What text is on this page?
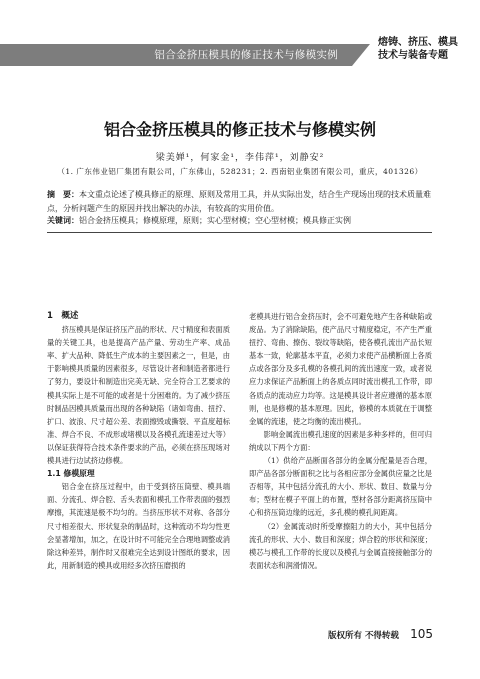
铝合金挤压模具的修正技术与修模实例
熔铸、挤压、模具
技术与装备专题
铝合金挤压模具的修正技术与修模实例
梁美婵¹，何家金¹，李伟萍¹，刘静安²
（1. 广东伟业铝厂集团有限公司，广东佛山，528231；2. 西南铝业集团有限公司，重庆，401326）
摘　要：本文重点论述了模具修正的原理、原则及常用工具，并从实际出发，结合生产现场出现的技术质量难点，分析问题产生的原因并找出解决的办法，有较高的实用价值。
关键词：铝合金挤压模具；修模原理，原则；实心型材模；空心型材模；模具修正实例

1　概述

挤压模具是保证挤压产品的形状、尺寸精度和表面质量的关键工具，也是提高产品产量、劳动生产率、成品率、扩大品种、降低生产成本的主要因素之一，但是，由于影响模具质量的因素很多，尽管设计者和制造者都进行了努力，要设计和制造出完美无缺、完全符合工艺要求的模具实际上是不可能的或者是十分困难的。为了减少挤压时制品因模具质量而出现的各种缺陷（诸如弯曲、扭拧、扩口、波浪、尺寸超公差、表面擦毁或撕裂、平直度超标准、焊合不良、不成形或堵模以及各模孔流速差过大等）以保证获得符合技术条件要求的产品，必须在挤压现场对模具进行边试挤边修模。

1.1 修模原理

铝合金在挤压过程中，由于受到挤压筒壁、模具端面、分流孔、焊合腔、舌头表面和模孔工作带表面的强烈摩擦，其流速是极不均匀的。当挤压形状不对称、各部分尺寸相差很大、形状复杂的制品时，这种流动不均匀性更会显著增加，加之，在设计时不可能完全合理地调整或消除这种差异，制作时又很难完全达到设计图纸的要求，因此，用新制造的模具或用经多次挤压磨损的

老模具进行铝合金挤压时，会不可避免地产生各种缺陷或废品。为了消除缺陷，使产品尺寸精度稳定，不产生严重扭拧、弯曲、擦伤、裂纹等缺陷，使各模孔流出产品长短基本一致，轮廓基本平直，必须力求使产品横断面上各质点或各部分及多孔模的各模孔间的流出速度一致，或者说应力求保证产品断面上的各质点同时流出模孔工作带，即各质点的流动应力均等。这是模具设计者应遵循的基本原则，也是修模的基本原理。因此，修模的本质就在于调整金属的流速，使之均衡的流出模孔。

影响金属流出模孔速度的因素是多种多样的，但可归纳成以下两个方面：

（1）供给产品断面各部分的金属分配量是否合理，即产品各部分断面积之比与各相应部分金属供应量之比是否相等，其中包括分流孔的大小、形状、数目、数量与分布；型材在模子平面上的布置，型材各部分距离挤压筒中心和挤压筒边缘的远近，多孔模的模孔间距离。

（2）金属流动时所受摩擦阻力的大小，其中包括分流孔的形状、大小、数目和深度；焊合腔的形状和深度；模芯与模孔工作带的长度以及模孔与金属直接接触部分的表面状态和润滑情况。

版权所有 不得转载 105
